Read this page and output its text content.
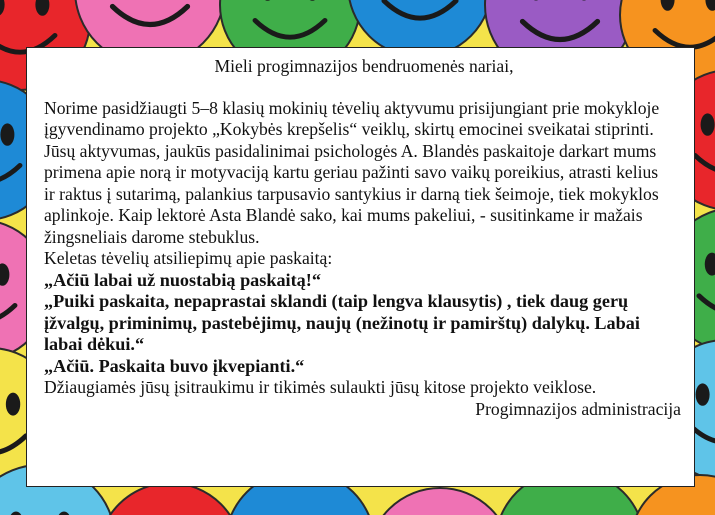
Mieli progimnazijos bendruomenės nariai,

Norime pasidžiaugti 5–8 klasių mokinių tėvelių aktyvumu prisijungiant prie mokykloje įgyvendinamo projekto „Kokybės krepšelis“ veiklų, skirtų emocinei sveikatai stiprinti. Jūsų aktyvumas, jaukūs pasidalinimai psichologės A. Blandės paskaitoje darkart mums primena apie norą ir motyvaciją kartu geriau pažinti savo vaikų poreikius, atrasti kelius ir raktus į sutarimą, palankius tarpusavio santykius ir darną tiek šeimoje, tiek mokyklos aplinkoje. Kaip lektorė Asta Blandė sako, kai mums pakeliui, - susitinkame ir mažais žingsneliais darome stebuklus.

Keletas tėvelių atsiliepimų apie paskaitą:

„Ačiū labai už nuostabią paskaitą!“

„Puiki paskaita, nepaprastai sklandi (taip lengva klausytis) , tiek daug gerų įžvalgų, priminimų, pastebėjimų, naujų (nežinotų ir pamirštų) dalykų. Labai labai dėkui.“

„Ačiū. Paskaita buvo įkvepianti.“

Džiaugiamės jūsų įsitraukimu ir tikimės sulaukti jūsų kitose projekto veiklose.

Progimnazijos administracija
